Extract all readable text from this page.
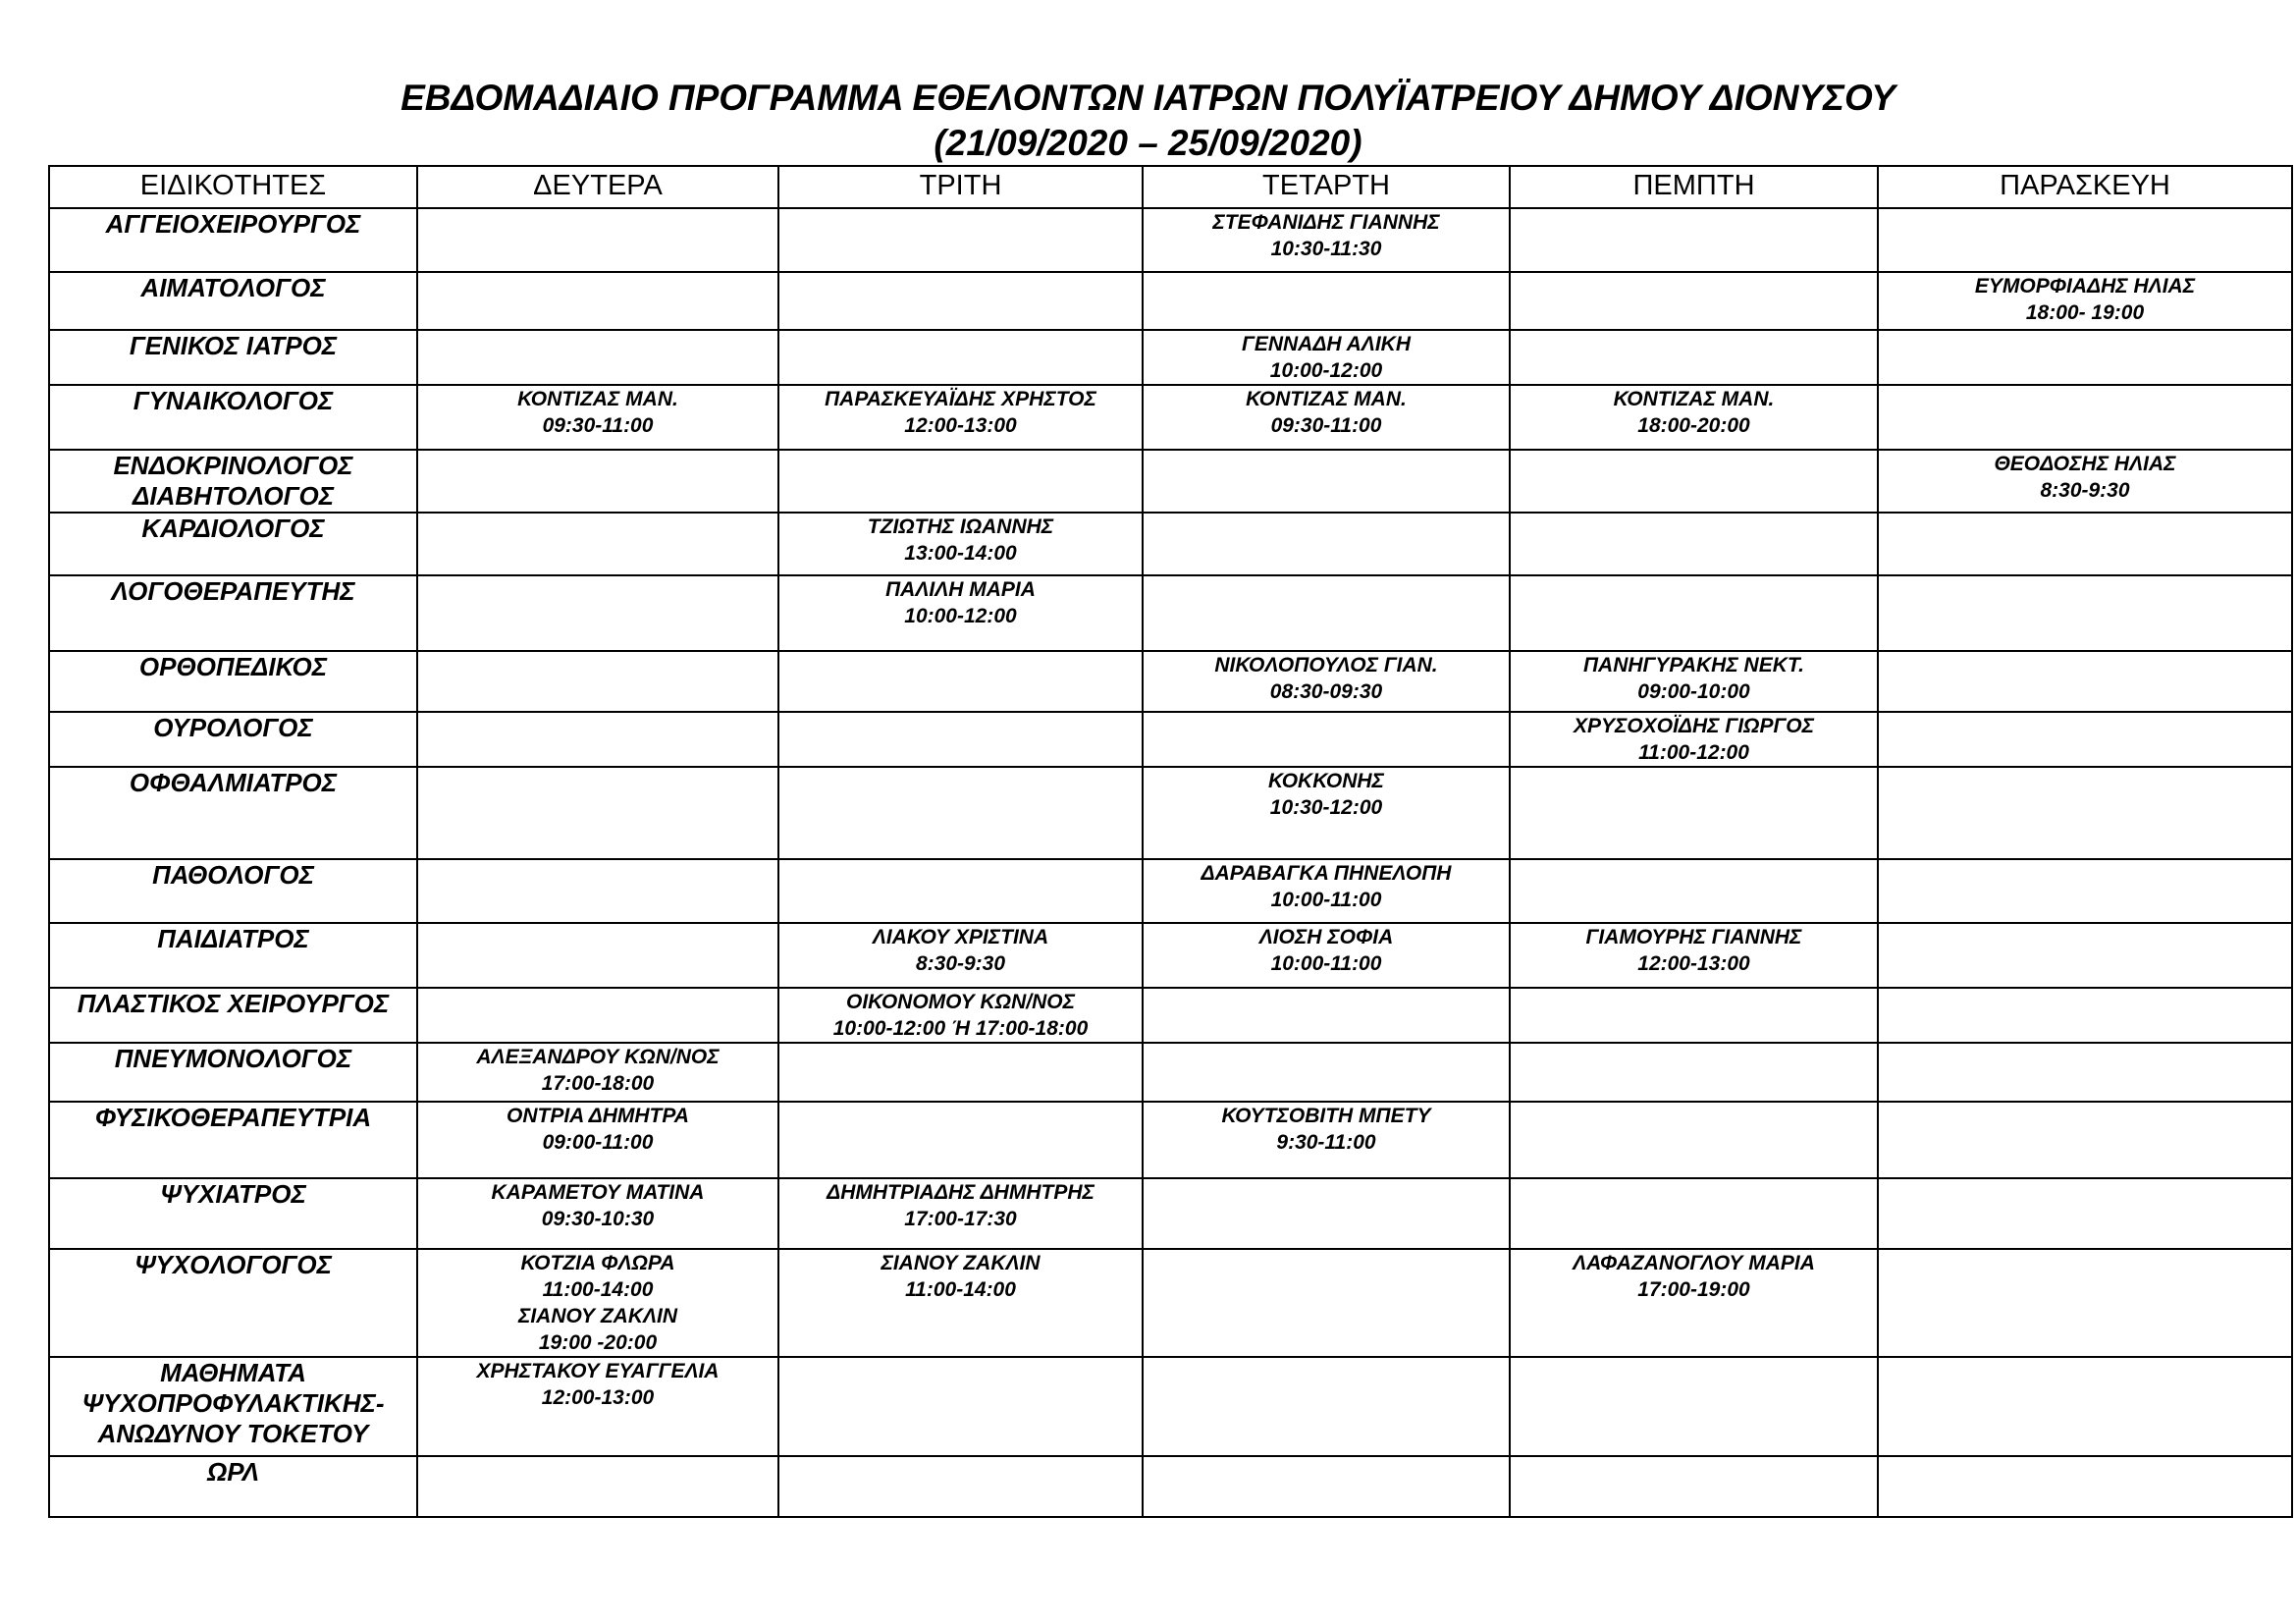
ΕΒΔΟΜΑΔΙΑΙΟ ΠΡΟΓΡΑΜΜΑ ΕΘΕΛΟΝΤΩΝ ΙΑΤΡΩΝ ΠΟΛΥΪΑΤΡΕΙΟΥ ΔΗΜΟΥ ΔΙΟΝΥΣΟΥ
(21/09/2020 – 25/09/2020)
ΕΙΔΙΚΟΤΗΤΕΣ	ΔΕΥΤΕΡΑ	ΤΡΙΤΗ	ΤΕΤΑΡΤΗ	ΠΕΜΠΤΗ	ΠΑΡΑΣΚΕΥΗ

ΑΓΓΕΙΟΧΕΙΡΟΥΡΓΟΣ			ΣΤΕΦΑΝΙΔΗΣ ΓΙΑΝΝΗΣ
10:30-11:30		

ΑΙΜΑΤΟΛΟΓΟΣ					ΕΥΜΟΡΦΙΑΔΗΣ ΗΛΙΑΣ
18:00- 19:00

ΓΕΝΙΚΟΣ ΙΑΤΡΟΣ			ΓΕΝΝΑΔΗ ΑΛΙΚΗ
10:00-12:00		

ΓΥΝΑΙΚΟΛΟΓΟΣ	ΚΟΝΤΙΖΑΣ ΜΑΝ.
09:30-11:00	ΠΑΡΑΣΚΕΥΑΪΔΗΣ ΧΡΗΣΤΟΣ
12:00-13:00	ΚΟΝΤΙΖΑΣ ΜΑΝ.
09:30-11:00	ΚΟΝΤΙΖΑΣ ΜΑΝ.
18:00-20:00	

ΕΝΔΟΚΡΙΝΟΛΟΓΟΣ
ΔΙΑΒΗΤΟΛΟΓΟΣ					ΘΕΟΔΟΣΗΣ ΗΛΙΑΣ
8:30-9:30

ΚΑΡΔΙΟΛΟΓΟΣ		ΤΖΙΩΤΗΣ ΙΩΑΝΝΗΣ
13:00-14:00			

ΛΟΓΟΘΕΡΑΠΕΥΤΗΣ		ΠΑΛΙΛΗ ΜΑΡΙΑ
10:00-12:00			

ΟΡΘΟΠΕΔΙΚΟΣ			ΝΙΚΟΛΟΠΟΥΛΟΣ ΓΙΑΝ.
08:30-09:30	ΠΑΝΗΓΥΡΑΚΗΣ ΝΕΚΤ.
09:00-10:00	

ΟΥΡΟΛΟΓΟΣ				ΧΡΥΣΟΧΟΪΔΗΣ ΓΙΩΡΓΟΣ
11:00-12:00	

ΟΦΘΑΛΜΙΑΤΡΟΣ			ΚΟΚΚΟΝΗΣ
10:30-12:00		

ΠΑΘΟΛΟΓΟΣ			ΔΑΡΑΒΑΓΚΑ ΠΗΝΕΛΟΠΗ
10:00-11:00		

ΠΑΙΔΙΑΤΡΟΣ		ΛΙΑΚΟΥ ΧΡΙΣΤΙΝΑ
8:30-9:30	ΛΙΟΣΗ ΣΟΦΙΑ
10:00-11:00	ΓΙΑΜΟΥΡΗΣ ΓΙΑΝΝΗΣ
12:00-13:00	

ΠΛΑΣΤΙΚΟΣ ΧΕΙΡΟΥΡΓΟΣ		ΟΙΚΟΝΟΜΟΥ ΚΩΝ/ΝΟΣ
10:00-12:00 Ή 17:00-18:00			

ΠΝΕΥΜΟΝΟΛΟΓΟΣ	ΑΛΕΞΑΝΔΡΟΥ ΚΩΝ/ΝΟΣ
17:00-18:00				

ΦΥΣΙΚΟΘΕΡΑΠΕΥΤΡΙΑ	ΟΝΤΡΙΑ ΔΗΜΗΤΡΑ
09:00-11:00		ΚΟΥΤΣΟΒΙΤΗ ΜΠΕΤΥ
9:30-11:00		

ΨΥΧΙΑΤΡΟΣ	ΚΑΡΑΜΕΤΟΥ ΜΑΤΙΝΑ
09:30-10:30	ΔΗΜΗΤΡΙΑΔΗΣ ΔΗΜΗΤΡΗΣ
17:00-17:30			

ΨΥΧΟΛΟΓΟΓΟΣ	ΚΟΤΖΙΑ ΦΛΩΡΑ
11:00-14:00
ΣΙΑΝΟΥ ΖΑΚΛΙΝ
19:00 -20:00	ΣΙΑΝΟΥ ΖΑΚΛΙΝ
11:00-14:00		ΛΑΦΑΖΑΝΟΓΛΟΥ ΜΑΡΙΑ
17:00-19:00	

ΜΑΘΗΜΑΤΑ
ΨΥΧΟΠΡΟΦΥΛΑΚΤΙΚΗΣ-
ΑΝΩΔΥΝΟΥ ΤΟΚΕΤΟΥ	ΧΡΗΣΤΑΚΟΥ ΕΥΑΓΓΕΛΙΑ
12:00-13:00				

ΩΡΛ					
